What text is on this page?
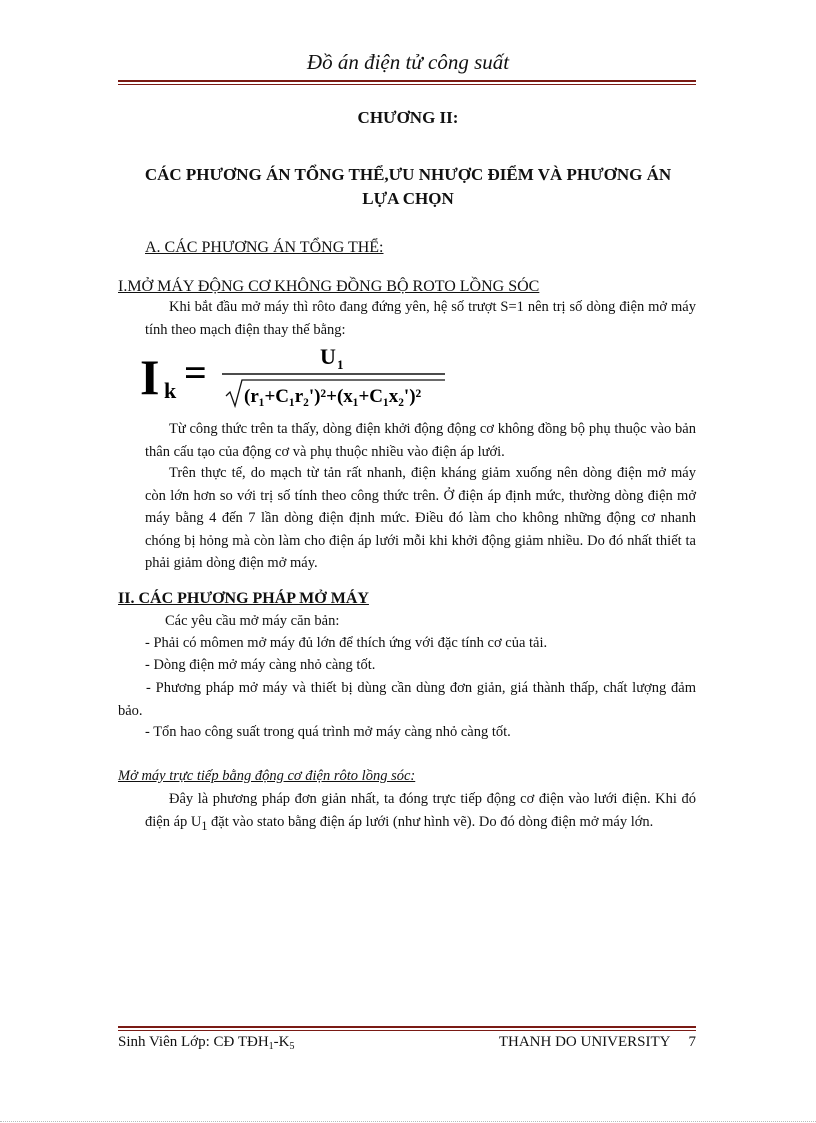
Đồ án điện tử công suất
CHƯƠNG II:
CÁC PHƯƠNG ÁN TỔNG THỂ,ƯU NHƯỢC ĐIỂM VÀ PHƯƠNG ÁN LỰA CHỌN
A. CÁC PHƯƠNG ÁN TỔNG THỂ:
I.MỞ MÁY ĐỘNG CƠ KHÔNG ĐỒNG BỘ ROTO LỒNG SÓC
Khi bắt đầu mở máy thì rôto đang đứng yên, hệ số trượt S=1 nên trị số dòng điện mở máy tính theo mạch điện thay thế bằng:
I k =	U 1
(r₁+C₁r₂')²+(x₁+C₁x₂')²
Từ công thức trên ta thấy, dòng điện khởi động động cơ không đồng bộ phụ thuộc vào bản thân cấu tạo của động cơ và phụ thuộc nhiều vào điện áp lưới.
Trên thực tế, do mạch từ tản rất nhanh, điện kháng giảm xuống nên dòng điện mở máy còn lớn hơn so với trị số tính theo công thức trên. Ở điện áp định mức, thường dòng điện mở máy bằng 4 đến 7 lần dòng điện định mức. Điều đó làm cho không những động cơ nhanh chóng bị hỏng mà còn làm cho điện áp lưới mỗi khi khởi động giảm nhiều. Do đó nhất thiết ta phải giảm dòng điện mở máy.
II. CÁC PHƯƠNG PHÁP MỞ MÁY
Các yêu cầu mở máy căn bản:
- Phải có mômen mở máy đủ lớn để thích ứng với đặc tính cơ của tải.
- Dòng điện mở máy càng nhỏ càng tốt.
- Phương pháp mở máy và thiết bị dùng cần dùng đơn giản, giá thành thấp, chất lượng đảm bảo.
- Tổn hao công suất trong quá trình mở máy càng nhỏ càng tốt.
Mở máy trực tiếp bằng động cơ điện rôto lồng sóc:
Đây là phương pháp đơn giản nhất, ta đóng trực tiếp động cơ điện vào lưới điện. Khi đó điện áp $U_1$ đặt vào stato bằng điện áp lưới (như hình vẽ). Do đó dòng điện mở máy lớn.
Sinh Viên Lớp: CĐ $TĐH_1-K_5$	THANH DO UNIVERSITY 7
